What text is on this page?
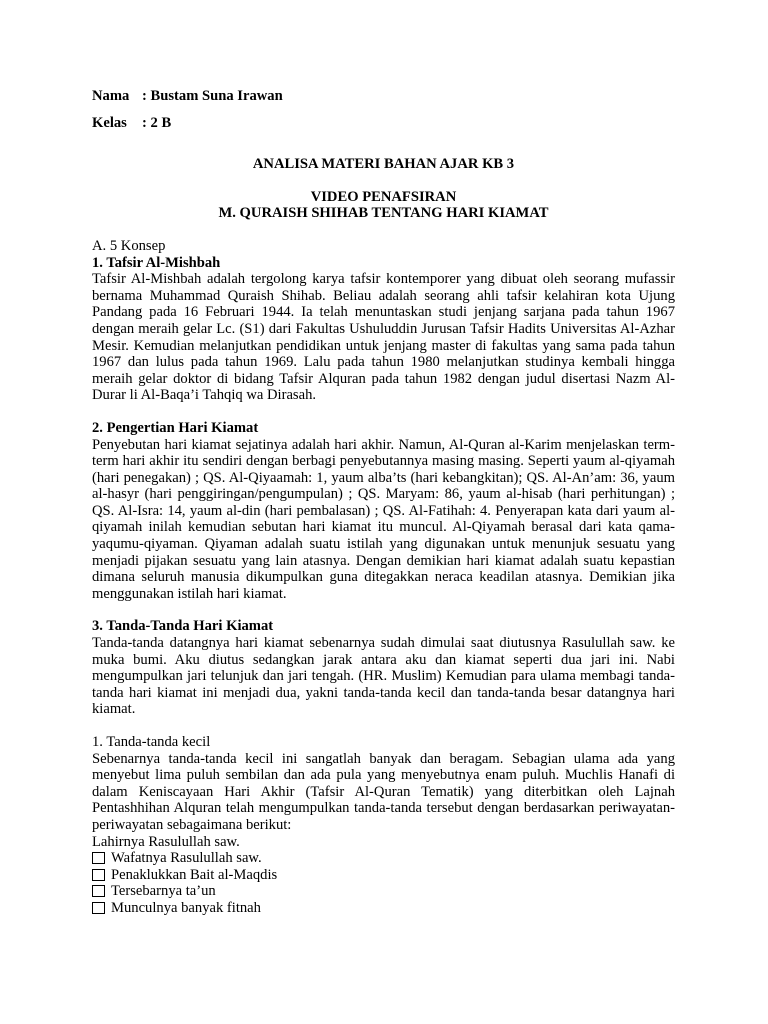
Nama : Bustam Suna Irawan
Kelas	: 2 B
ANALISA MATERI BAHAN AJAR KB 3
VIDEO PENAFSIRAN
M. QURAISH SHIHAB TENTANG HARI KIAMAT
A. 5 Konsep
1. Tafsir Al-Mishbah
Tafsir Al-Mishbah adalah tergolong karya tafsir kontemporer yang dibuat oleh seorang mufassir bernama Muhammad Quraish Shihab. Beliau adalah seorang ahli tafsir kelahiran kota Ujung Pandang pada 16 Februari 1944. Ia telah menuntaskan studi jenjang sarjana pada tahun 1967 dengan meraih gelar Lc. (S1) dari Fakultas Ushuluddin Jurusan Tafsir Hadits Universitas Al-Azhar Mesir. Kemudian melanjutkan pendidikan untuk jenjang master di fakultas yang sama pada tahun 1967 dan lulus pada tahun 1969. Lalu pada tahun 1980 melanjutkan studinya kembali hingga meraih gelar doktor di bidang Tafsir Alquran pada tahun 1982 dengan judul disertasi Nazm Al-Durar li Al-Baqa’i Tahqiq wa Dirasah.
2. Pengertian Hari Kiamat
Penyebutan hari kiamat sejatinya adalah hari akhir. Namun, Al-Quran al-Karim menjelaskan term-term hari akhir itu sendiri dengan berbagi penyebutannya masing masing. Seperti yaum al-qiyamah (hari penegakan) ; QS. Al-Qiyaamah: 1, yaum alba’ts (hari kebangkitan); QS. Al-An’am: 36, yaum al-hasyr (hari penggiringan/pengumpulan) ; QS. Maryam: 86, yaum al-hisab (hari perhitungan) ; QS. Al-Isra: 14, yaum al-din (hari pembalasan) ; QS. Al-Fatihah: 4. Penyerapan kata dari yaum al-qiyamah inilah kemudian sebutan hari kiamat itu muncul. Al-Qiyamah berasal dari kata qama-yaqumu-qiyaman. Qiyaman adalah suatu istilah yang digunakan untuk menunjuk sesuatu yang menjadi pijakan sesuatu yang lain atasnya. Dengan demikian hari kiamat adalah suatu kepastian dimana seluruh manusia dikumpulkan guna ditegakkan neraca keadilan atasnya. Demikian jika menggunakan istilah hari kiamat.
3. Tanda-Tanda Hari Kiamat
Tanda-tanda datangnya hari kiamat sebenarnya sudah dimulai saat diutusnya Rasulullah saw. ke muka bumi. Aku diutus sedangkan jarak antara aku dan kiamat seperti dua jari ini. Nabi mengumpulkan jari telunjuk dan jari tengah. (HR. Muslim) Kemudian para ulama membagi tanda-tanda hari kiamat ini menjadi dua, yakni tanda-tanda kecil dan tanda-tanda besar datangnya hari kiamat.
1. Tanda-tanda kecil
Sebenarnya tanda-tanda kecil ini sangatlah banyak dan beragam. Sebagian ulama ada yang menyebut lima puluh sembilan dan ada pula yang menyebutnya enam puluh. Muchlis Hanafi di dalam Keniscayaan Hari Akhir (Tafsir Al-Quran Tematik) yang diterbitkan oleh Lajnah Pentashhihan Alquran telah mengumpulkan tanda-tanda tersebut dengan berdasarkan periwayatan-periwayatan sebagaimana berikut:
Lahirnya Rasulullah saw.
Wafatnya Rasulullah saw.
Penaklukkan Bait al-Maqdis
Tersebarnya ta’un
Munculnya banyak fitnah
